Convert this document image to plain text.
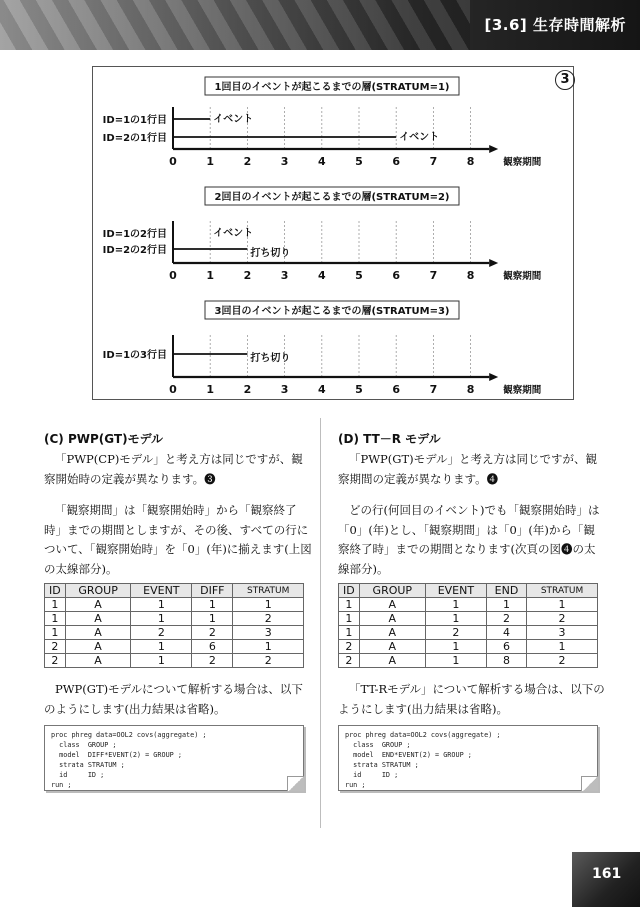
[3.6] 生存時間解析
1回目のイベントが起こるまでの層(STRATUM=1)
0	1	2	3	4	5	6	7	8	観察期間
ID=1の1行目	イベント
ID=2の1行目	イベント
2回目のイベントが起こるまでの層(STRATUM=2)
0	1	2	3	4	5	6	7	8	観察期間
ID=1の2行目	イベント
ID=2の2行目	打ち切り
3回目のイベントが起こるまでの層(STRATUM=3)
0	1	2	3	4	5	6	7	8	観察期間
ID=1の3行目	打ち切り
3
(C) PWP(GT)モデル

「PWP(CP)モデル」と考え方は同じですが、観察開始時の定義が異なります。❸

「観察期間」は「観察開始時」から「観察終了時」までの期間としますが、その後、すべての行について、「観察開始時」を「0」(年)に揃えます(上図の太線部分)。

ID	GROUP	EVENT	DIFF	STRATUM
1	A	1	1	1
1	A	1	1	2
1	A	2	2	3
2	A	1	6	1
2	A	1	2	2

PWP(GT)モデルについて解析する場合は、以下のようにします(出力結果は省略)。

proc phreg data=OOL2 covs(aggregate) ;
class  GROUP ;
model  DIFF*EVENT(2) = GROUP ;
strata STRATUM ;
id     ID ;
run ;
(D) TT－R モデル

「PWP(GT)モデル」と考え方は同じですが、観察期間の定義が異なります。❹

どの行(何回目のイベント)でも「観察開始時」は「0」(年)とし、「観察期間」は「0」(年)から「観察終了時」までの期間となります(次頁の図❹の太線部分)。

ID	GROUP	EVENT	END	STRATUM
1	A	1	1	1
1	A	1	2	2
1	A	2	4	3
2	A	1	6	1
2	A	1	8	2

「TT-Rモデル」について解析する場合は、以下のようにします(出力結果は省略)。

proc phreg data=OOL2 covs(aggregate) ;
class  GROUP ;
model  END*EVENT(2) = GROUP ;
strata STRATUM ;
id     ID ;
run ;
161
